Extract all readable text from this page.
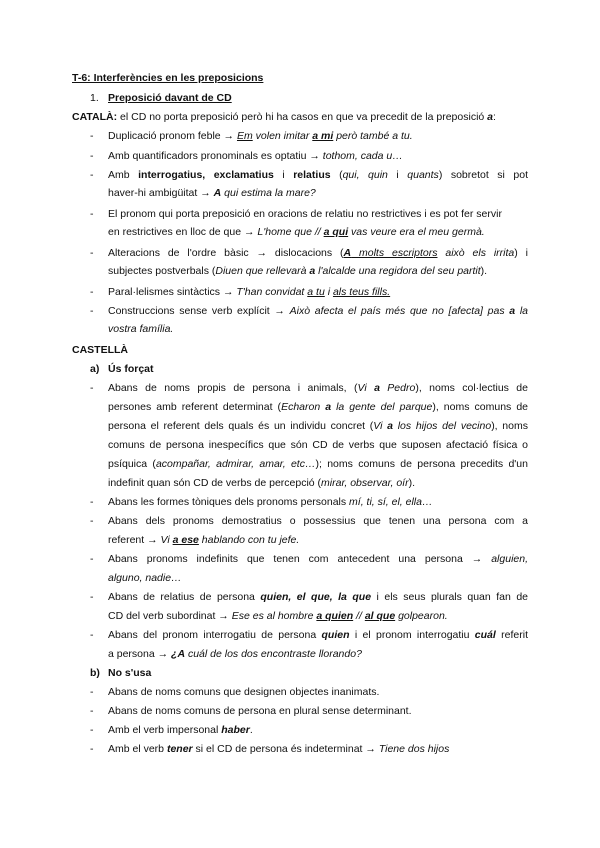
T-6: Interferències en les preposicions
1. Preposició davant de CD
CATALÀ: el CD no porta preposició però hi ha casos en que va precedit de la preposició a:
- Duplicació pronom feble → Em volen imitar a mi però també a tu.
- Amb quantificadors pronominals es optatiu → tothom, cada u…
- Amb interrogatius, exclamatius i relatius (qui, quin i quants) sobretot si pot
haver-hi ambigüitat → A qui estima la mare?
- El pronom qui porta preposició en oracions de relatiu no restrictives i es pot fer servir
en restrictives en lloc de que → L'home que // a qui vas veure era el meu germà.
- Alteracions de l'ordre bàsic → dislocacions (A molts escriptors això els irrita) i
subjectes postverbals (Diuen que rellevarà a l'alcalde una regidora del seu partit).
- Paral·lelismes sintàctics → T'han convidat a tu i als teus fills.
- Construccions sense verb explícit → Això afecta el país més que no [afecta] pas a la
vostra família.
CASTELLÀ
a) Ús forçat
- Abans de noms propis de persona i animals, (Vi a Pedro), noms col·lectius de
persones amb referent determinat (Echaron a la gente del parque), noms comuns de
persona el referent dels quals és un individu concret (Vi a los hijos del vecino), noms
comuns de persona inespecífics que són CD de verbs que suposen afectació física o
psíquica (acompañar, admirar, amar, etc…); noms comuns de persona precedits d'un
indefinit quan són CD de verbs de percepció (mirar, observar, oír).
- Abans les formes tòniques dels pronoms personals mí, ti, sí, el, ella…
- Abans dels pronoms demostratius o possessius que tenen una persona com a
referent → Vi a ese hablando con tu jefe.
- Abans pronoms indefinits que tenen com antecedent una persona → alguien,
alguno, nadie…
- Abans de relatius de persona quien, el que, la que i els seus plurals quan fan de
CD del verb subordinat → Ese es al hombre a quien // al que golpearon.
- Abans del pronom interrogatiu de persona quien i el pronom interrogatiu cuál referit
a persona → ¿A cuál de los dos encontraste llorando?
b) No s'usa
- Abans de noms comuns que designen objectes inanimats.
- Abans de noms comuns de persona en plural sense determinant.
- Amb el verb impersonal haber.
- Amb el verb tener si el CD de persona és indeterminat → Tiene dos hijos
